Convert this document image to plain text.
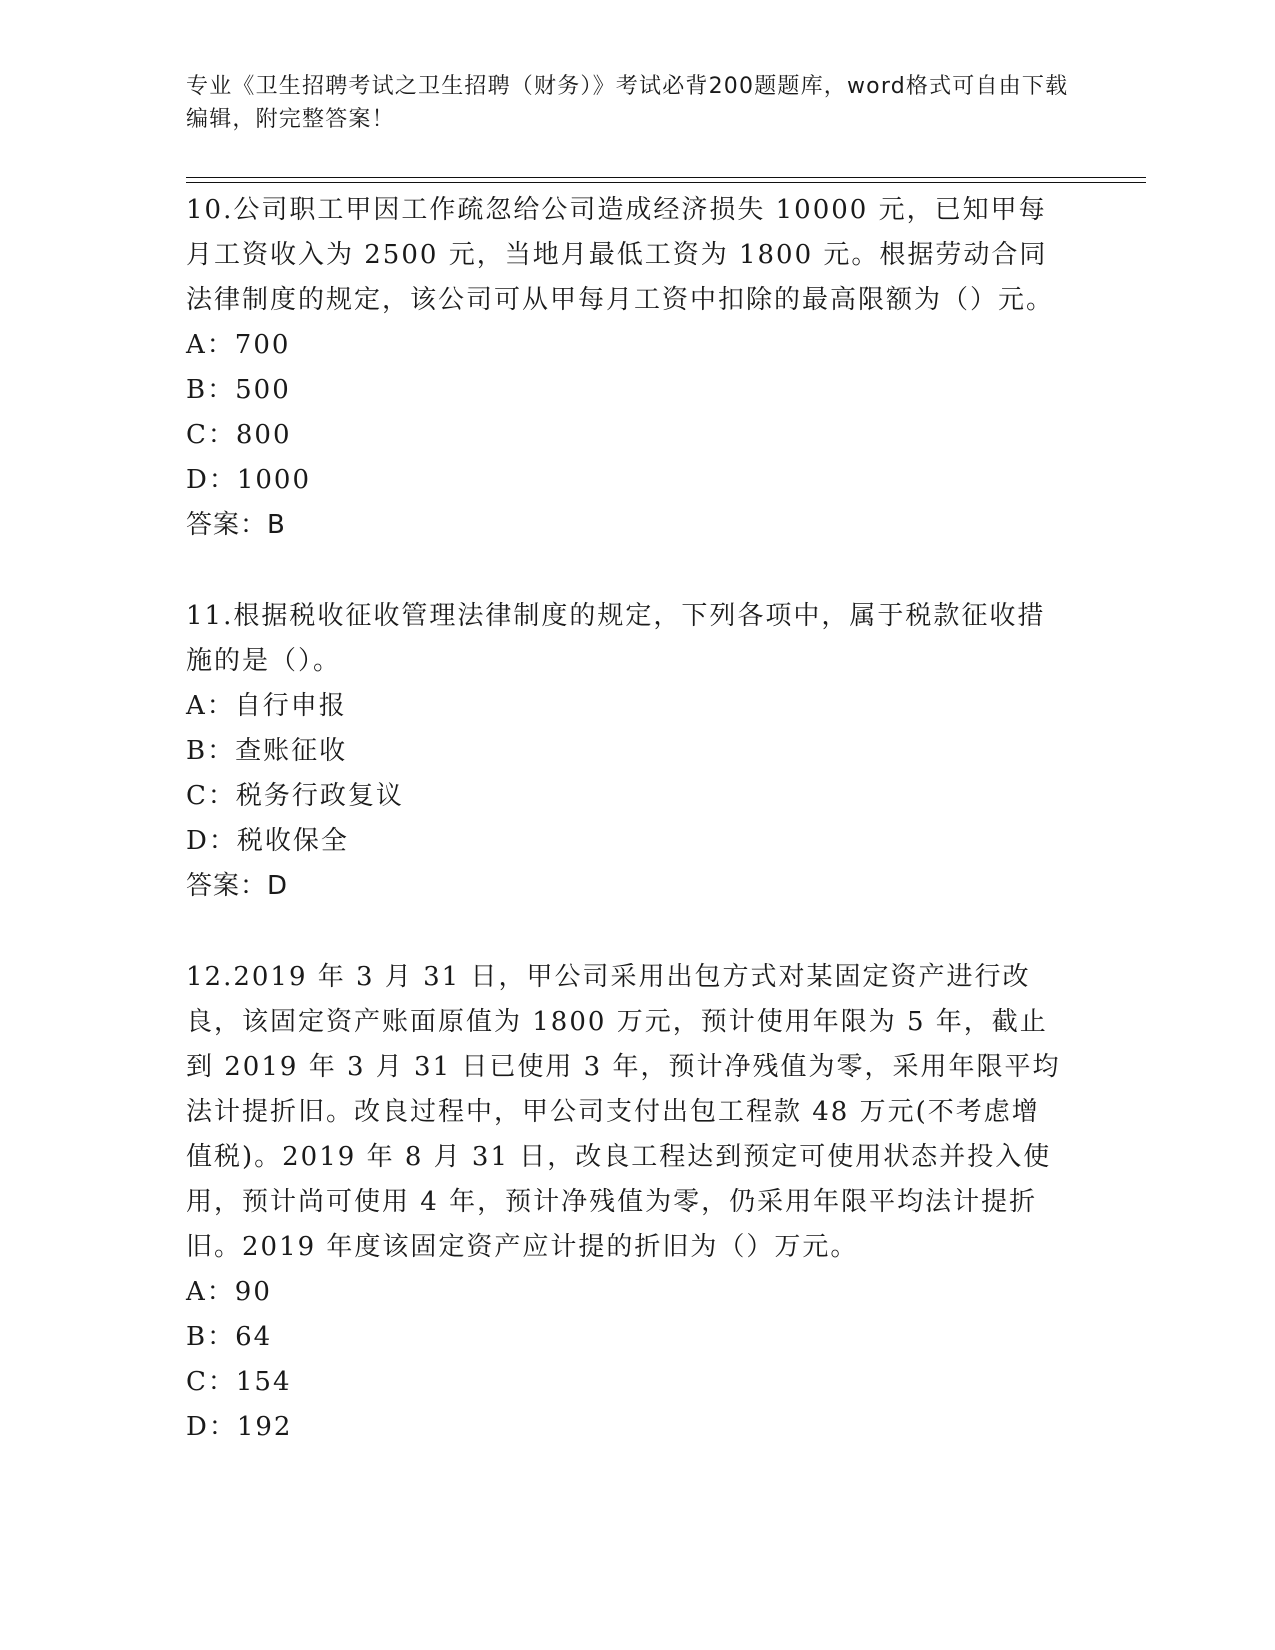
专业《卫生招聘考试之卫生招聘（财务）》考试必背200题题库，word格式可自由下载编辑，附完整答案！

10.公司职工甲因工作疏忽给公司造成经济损失 10000 元，已知甲每月工资收入为 2500 元，当地月最低工资为 1800 元。根据劳动合同法律制度的规定，该公司可从甲每月工资中扣除的最高限额为（）元。

A：700

B：500

C：800

D：1000

答案：B

11.根据税收征收管理法律制度的规定，下列各项中，属于税款征收措施的是（）。

A：自行申报

B：查账征收

C：税务行政复议

D：税收保全

答案：D

12.2019 年 3 月 31 日，甲公司采用出包方式对某固定资产进行改良，该固定资产账面原值为 1800 万元，预计使用年限为 5 年，截止到 2019 年 3 月 31 日已使用 3 年，预计净残值为零，采用年限平均法计提折旧。改良过程中，甲公司支付出包工程款 48 万元(不考虑增值税)。2019 年 8 月 31 日，改良工程达到预定可使用状态并投入使用，预计尚可使用 4 年，预计净残值为零，仍采用年限平均法计提折旧。2019 年度该固定资产应计提的折旧为（）万元。

A：90

B：64

C：154

D：192
